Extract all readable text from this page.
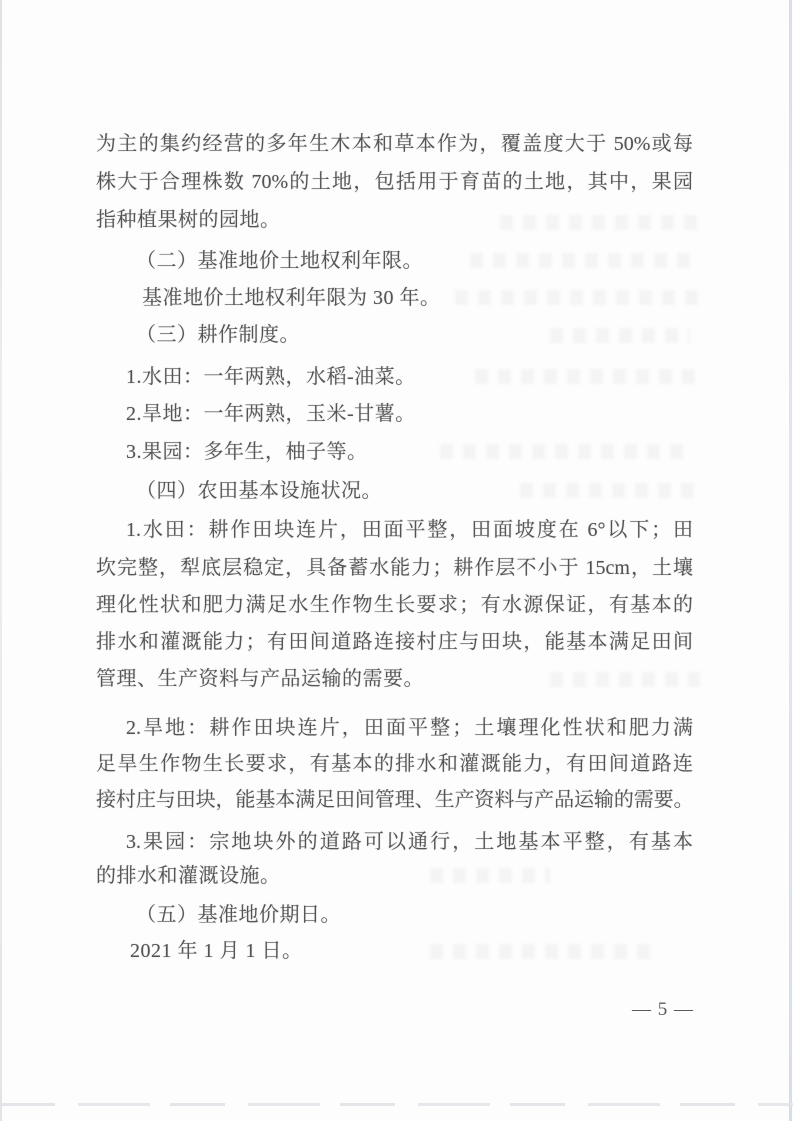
为主的集约经营的多年生木本和草本作为，覆盖度大于 50%或每
株大于合理株数 70%的土地，包括用于育苗的土地，其中，果园
指种植果树的园地。
（二）基准地价土地权利年限。
基准地价土地权利年限为 30 年。
（三）耕作制度。
1.水田：一年两熟，水稻-油菜。
2.旱地：一年两熟，玉米-甘薯。
3.果园：多年生，柚子等。
（四）农田基本设施状况。
1.水田：耕作田块连片，田面平整，田面坡度在 6°以下；田
坎完整，犁底层稳定，具备蓄水能力；耕作层不小于 15cm，土壤
理化性状和肥力满足水生作物生长要求；有水源保证，有基本的
排水和灌溉能力；有田间道路连接村庄与田块，能基本满足田间
管理、生产资料与产品运输的需要。
2.旱地：耕作田块连片，田面平整；土壤理化性状和肥力满
足旱生作物生长要求，有基本的排水和灌溉能力，有田间道路连
接村庄与田块，能基本满足田间管理、生产资料与产品运输的需要。
3.果园：宗地块外的道路可以通行，土地基本平整，有基本
的排水和灌溉设施。
（五）基准地价期日。
2021 年 1 月 1 日。
— 5 —
